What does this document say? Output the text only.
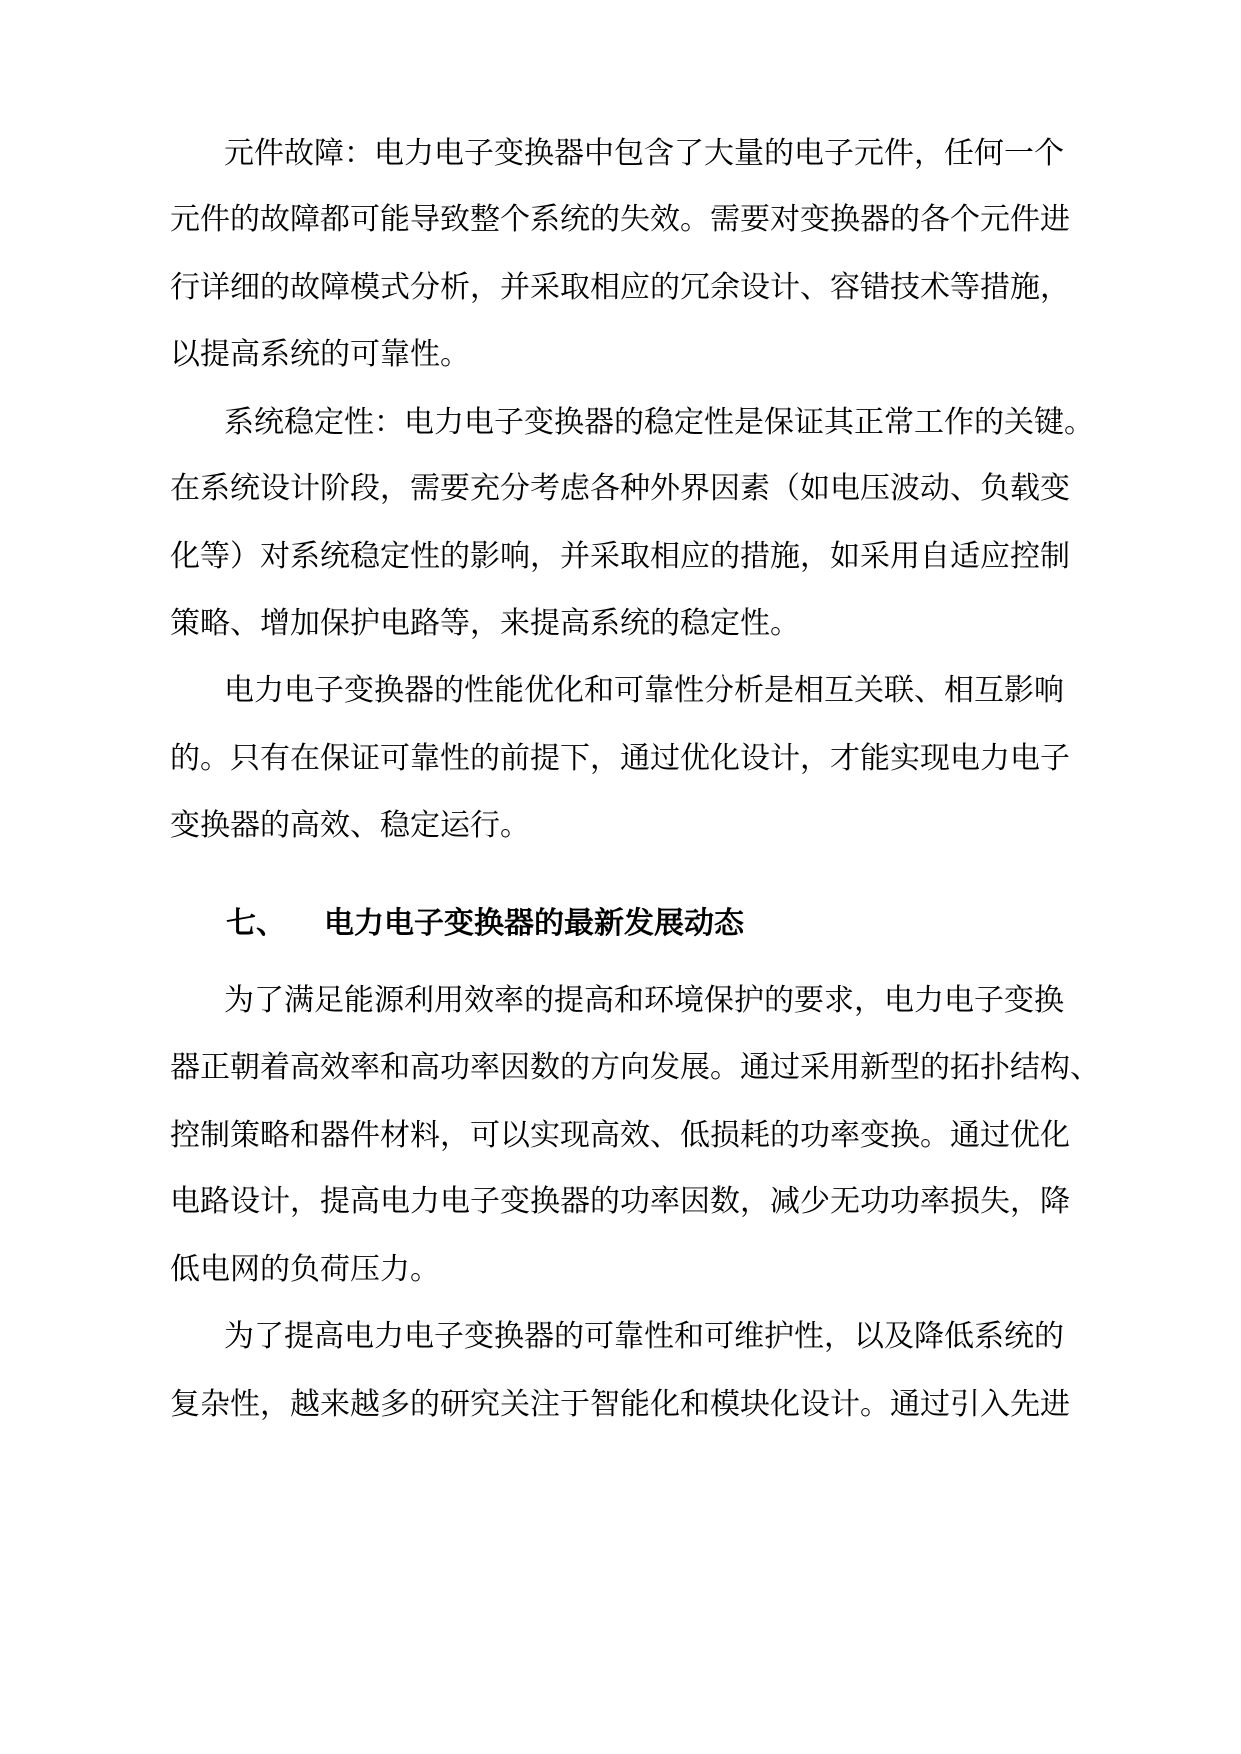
元件故障：电力电子变换器中包含了大量的电子元件，任何一个
元件的故障都可能导致整个系统的失效。需要对变换器的各个元件进
行详细的故障模式分析，并采取相应的冗余设计、容错技术等措施，
以提高系统的可靠性。
系统稳定性：电力电子变换器的稳定性是保证其正常工作的关键。
在系统设计阶段，需要充分考虑各种外界因素（如电压波动、负载变
化等）对系统稳定性的影响，并采取相应的措施，如采用自适应控制
策略、增加保护电路等，来提高系统的稳定性。
电力电子变换器的性能优化和可靠性分析是相互关联、相互影响
的。只有在保证可靠性的前提下，通过优化设计，才能实现电力电子
变换器的高效、稳定运行。
七、 电力电子变换器的最新发展动态
为了满足能源利用效率的提高和环境保护的要求，电力电子变换
器正朝着高效率和高功率因数的方向发展。通过采用新型的拓扑结构、
控制策略和器件材料，可以实现高效、低损耗的功率变换。通过优化
电路设计，提高电力电子变换器的功率因数，减少无功功率损失，降
低电网的负荷压力。
为了提高电力电子变换器的可靠性和可维护性，以及降低系统的
复杂性，越来越多的研究关注于智能化和模块化设计。通过引入先进
